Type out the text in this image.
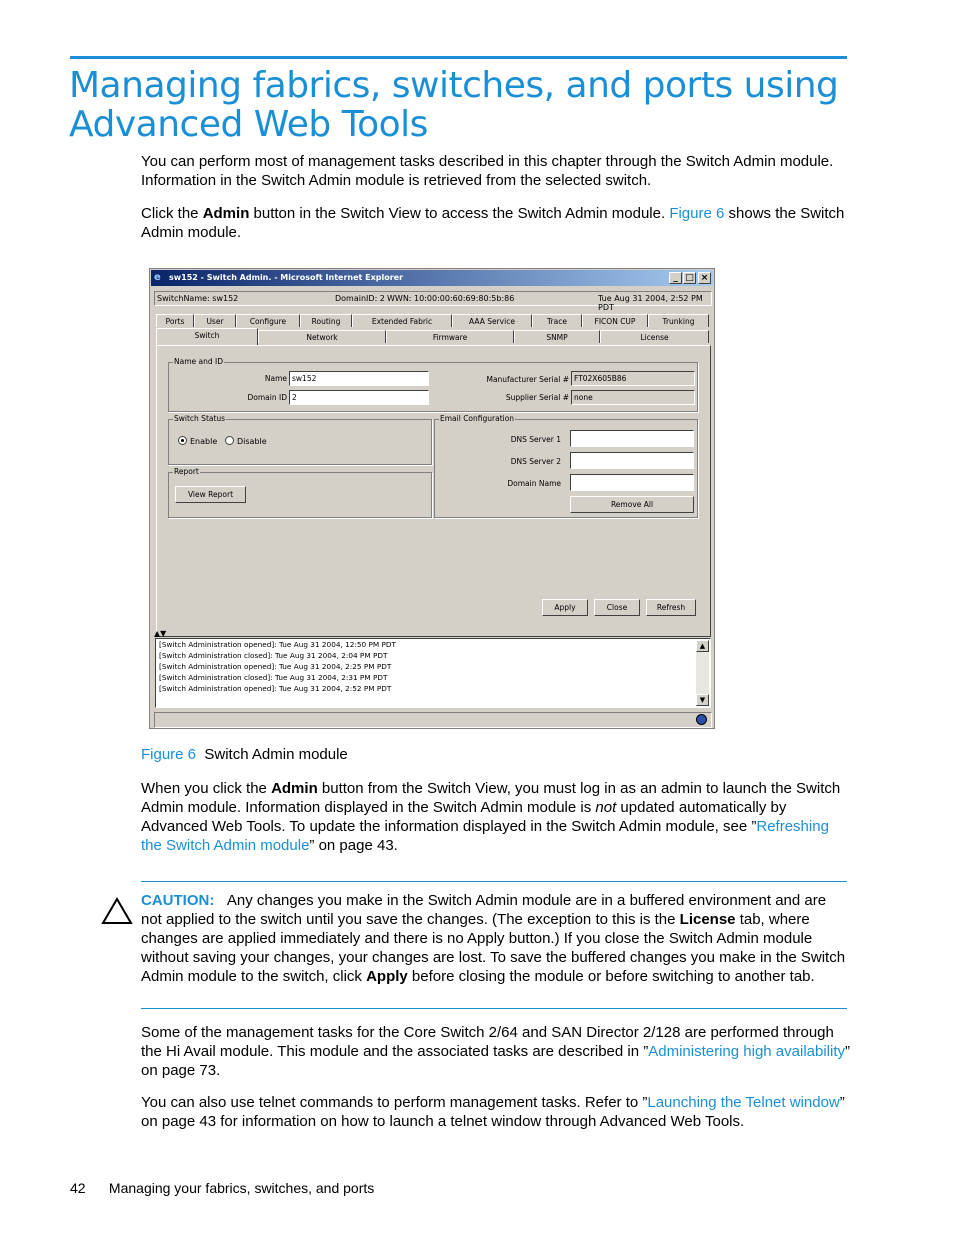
Managing fabrics, switches, and ports using
Advanced Web Tools
You can perform most of management tasks described in this chapter through the Switch Admin module. Information in the Switch Admin module is retrieved from the selected switch.
Click the Admin button in the Switch View to access the Switch Admin module. Figure 6 shows the Switch Admin module.
e	sw152 - Switch Admin. - Microsoft Internet Explorer	_ □ ×
SwitchName: sw152	DomainID: 2 WWN: 10:00:00:60:69:80:5b:86	Tue Aug 31 2004, 2:52 PM PDT
Ports	User	Configure	Routing	Extended Fabric	AAA Service	Trace	FICON CUP	Trunking
Switch	Network	Firmware	SNMP	License
Name and ID
Name sw152
Domain ID 2
Manufacturer Serial # FT02X605B86
Supplier Serial # none
Switch Status
Enable Disable
Report
View Report
Email Configuration
DNS Server 1
DNS Server 2
Domain Name
Remove All
Apply	Close	Refresh
▲▼
[Switch Administration opened]: Tue Aug 31 2004, 12:50 PM PDT
[Switch Administration closed]: Tue Aug 31 2004, 2:04 PM PDT
[Switch Administration opened]: Tue Aug 31 2004, 2:25 PM PDT
[Switch Administration closed]: Tue Aug 31 2004, 2:31 PM PDT
[Switch Administration opened]: Tue Aug 31 2004, 2:52 PM PDT
▲
▼
Figure 6 Switch Admin module
When you click the Admin button from the Switch View, you must log in as an admin to launch the Switch Admin module. Information displayed in the Switch Admin module is not updated automatically by Advanced Web Tools. To update the information displayed in the Switch Admin module, see ”Refreshing the Switch Admin module” on page 43.
CAUTION: Any changes you make in the Switch Admin module are in a buffered environment and are not applied to the switch until you save the changes. (The exception to this is the License tab, where changes are applied immediately and there is no Apply button.) If you close the Switch Admin module without saving your changes, your changes are lost. To save the buffered changes you make in the Switch Admin module to the switch, click Apply before closing the module or before switching to another tab.
Some of the management tasks for the Core Switch 2/64 and SAN Director 2/128 are performed through the Hi Avail module. This module and the associated tasks are described in ”Administering high availability” on page 73.
You can also use telnet commands to perform management tasks. Refer to ”Launching the Telnet window” on page 43 for information on how to launch a telnet window through Advanced Web Tools.
42 Managing your fabrics, switches, and ports
